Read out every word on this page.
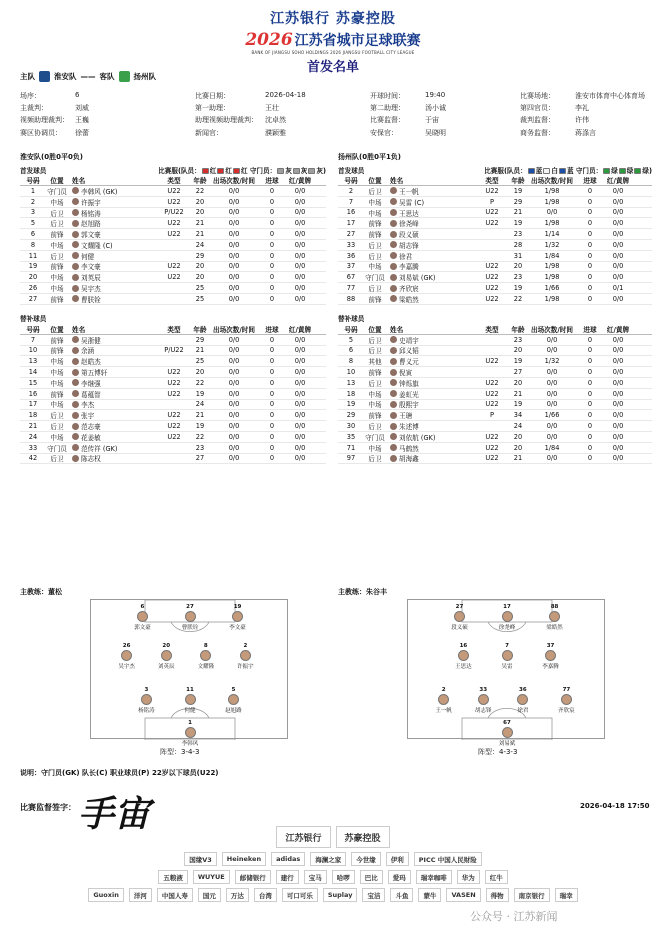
江苏银行 苏豪控股
2026 江苏省城市足球联赛
BANK OF JIANGSU SOHO HOLDINGS 2026 JIANGSU FOOTBALL CITY LEAGUE
首发名单
主队	淮安队 —— 客队	扬州队
场序：	6	比赛日期：	2026-04-18	开球时间：	19:40	比赛场地：	淮安市体育中心体育场
主裁判：	刘威	第一助理：	王壮	第二助理：	汤小诚	第四官员：	李礼
视频助理裁判： 王巍	助理视频助理裁判：	沈卓然	比赛监督：	于宙	裁判监督：	许伟
赛区协调员：	徐蕾	新闻官：	濮颖雅	安保官：	吴晓明	商务监督：	蒋涤言
淮安队(0胜0平0负)
首发球员	比赛服(队员： 红 红 红 守门员： 灰 灰 灰)
号码	位置	姓名	类型	年龄 出场次数/时间	进球	红/黄牌
1	守门员 李韩风 (GK)	U22	22	0/0	0	0/0
2	中场	许振宇	U22	20	0/0	0	0/0
3	后卫	杨铭涛	P/U22	20	0/0	0	0/0
5	后卫	赵旭路	U22	21	0/0	0	0/0
6	前锋	郭文豪	U22	21	0/0	0	0/0
8	中场	文耀隆 (C)	24	0/0	0	0/0
11	后卫	何健	29	0/0	0	0/0
19	前锋	李文豪	U22	20	0/0	0	0/0
20	中场	刘英辰	U22	20	0/0	0	0/0
26	中场	吴宇杰	25	0/0	0	0/0
27	前锋	曹朕铨	25	0/0	0	0/0
替补球员
号码	位置	姓名	类型	年龄 出场次数/时间	进球	红/黄牌
7	前锋	吴浙健	29	0/0	0	0/0
10	前锋	余涵	P/U22	21	0/0	0	0/0
13	中场	赵皓杰	25	0/0	0	0/0
14	中场	第五博轩	U22	20	0/0	0	0/0
15	中场	李继强	U22	22	0/0	0	0/0
16	前锋	葛蕴智	U22	19	0/0	0	0/0
17	中场	李杰	24	0/0	0	0/0
18	后卫	张宇	U22	21	0/0	0	0/0
21	后卫	范志豪	U22	19	0/0	0	0/0
24	中场	花姜敏	U22	22	0/0	0	0/0
33	守门员 范传祥 (GK)	23	0/0	0	0/0
42	后卫	陈志权	27	0/0	0	0/0
扬州队(0胜0平1负)
首发球员	比赛服(队员： 蓝 白 蓝 守门员： 绿 绿 绿)
号码	位置	姓名	类型	年龄 出场次数/时间	进球	红/黄牌
2	后卫	王一帆	U22	19	1/98	0	0/0
7	中场	吴雷 (C)	P	29	1/98	0	0/0
16	中场	王思达	U22	21	0/0	0	0/0
17	前锋	徐尧峰	U22	19	1/98	0	0/0
27	前锋	段义硕	23	1/14	0	0/0
33	后卫	胡志锋	28	1/32	0	0/0
36	后卫	徐君	31	1/84	0	0/0
37	中场	李嘉腾	U22	20	1/98	0	0/0
67	守门员 刘易斌 (GK)	U22	23	1/98	0	0/0
77	后卫	齐欣宸	U22	19	1/66	0	0/1
88	前锋	梁皓然	U22	22	1/98	0	0/0
替补球员
号码	位置	姓名	类型	年龄 出场次数/时间	进球	红/黄牌
5	后卫	史靖宇	23	0/0	0	0/0
6	后卫	邱义韬	20	0/0	0	0/0
8	其他	曹义元	U22	19	1/32	0	0/0
10	前锋	倪寅	27	0/0	0	0/0
13	后卫	钟烁旗	U22	20	0/0	0	0/0
18	中场	姜虹光	U22	21	0/0	0	0/0
19	中场	殷熙宇	U22	19	0/0	0	0/0
29	前锋	王瑭	P	34	1/66	0	0/0
30	后卫	朱述博	24	0/0	0	0/0
35	守门员 刘依航 (GK)	U22	20	0/0	0	0/0
71	中场	马鹤然	U22	20	1/84	0	0/0
97	后卫	胡海鑫	U22	21	0/0	0	0/0
主教练：董松	主教练：朱谷丰
6
郭文豪
27
曹朕铨
19
李文豪
26
吴宇杰
20
刘英辰
8
文耀隆
2
许振宇
3
杨铭涛
11
何健
5
赵旭路
1
李韩风
27
段义硕
17
徐尧峰
88
梁皓然
16
王思达
7
吴雷
37
李嘉腾
2
王一帆
33
胡志锋
36
徐君
77
齐欣宸
67
刘易斌
阵型：3-4-3	阵型：4-3-3
说明：守门员(GK) 队长(C) 职业球员(P) 22岁以下球员(U22)
比赛监督签字： ⼿宙	2026-04-18 17:50
江苏银行	苏豪控股
国缘V3	Heineken	adidas	海澜之家	今世缘	伊利	PICC 中国人民财险
五粮液	WUYUE	邮储银行	建行	宝马	哈啰	巴比	爱玛	瑞幸咖啡	华为	红牛
Guoxin	洋河	中国人寿	国元	万达	台湾	可口可乐	Suplay	宝洁	斗鱼	蒙牛	VASEN	得物	南京银行	瑞幸
公众号 · 江苏新闻
